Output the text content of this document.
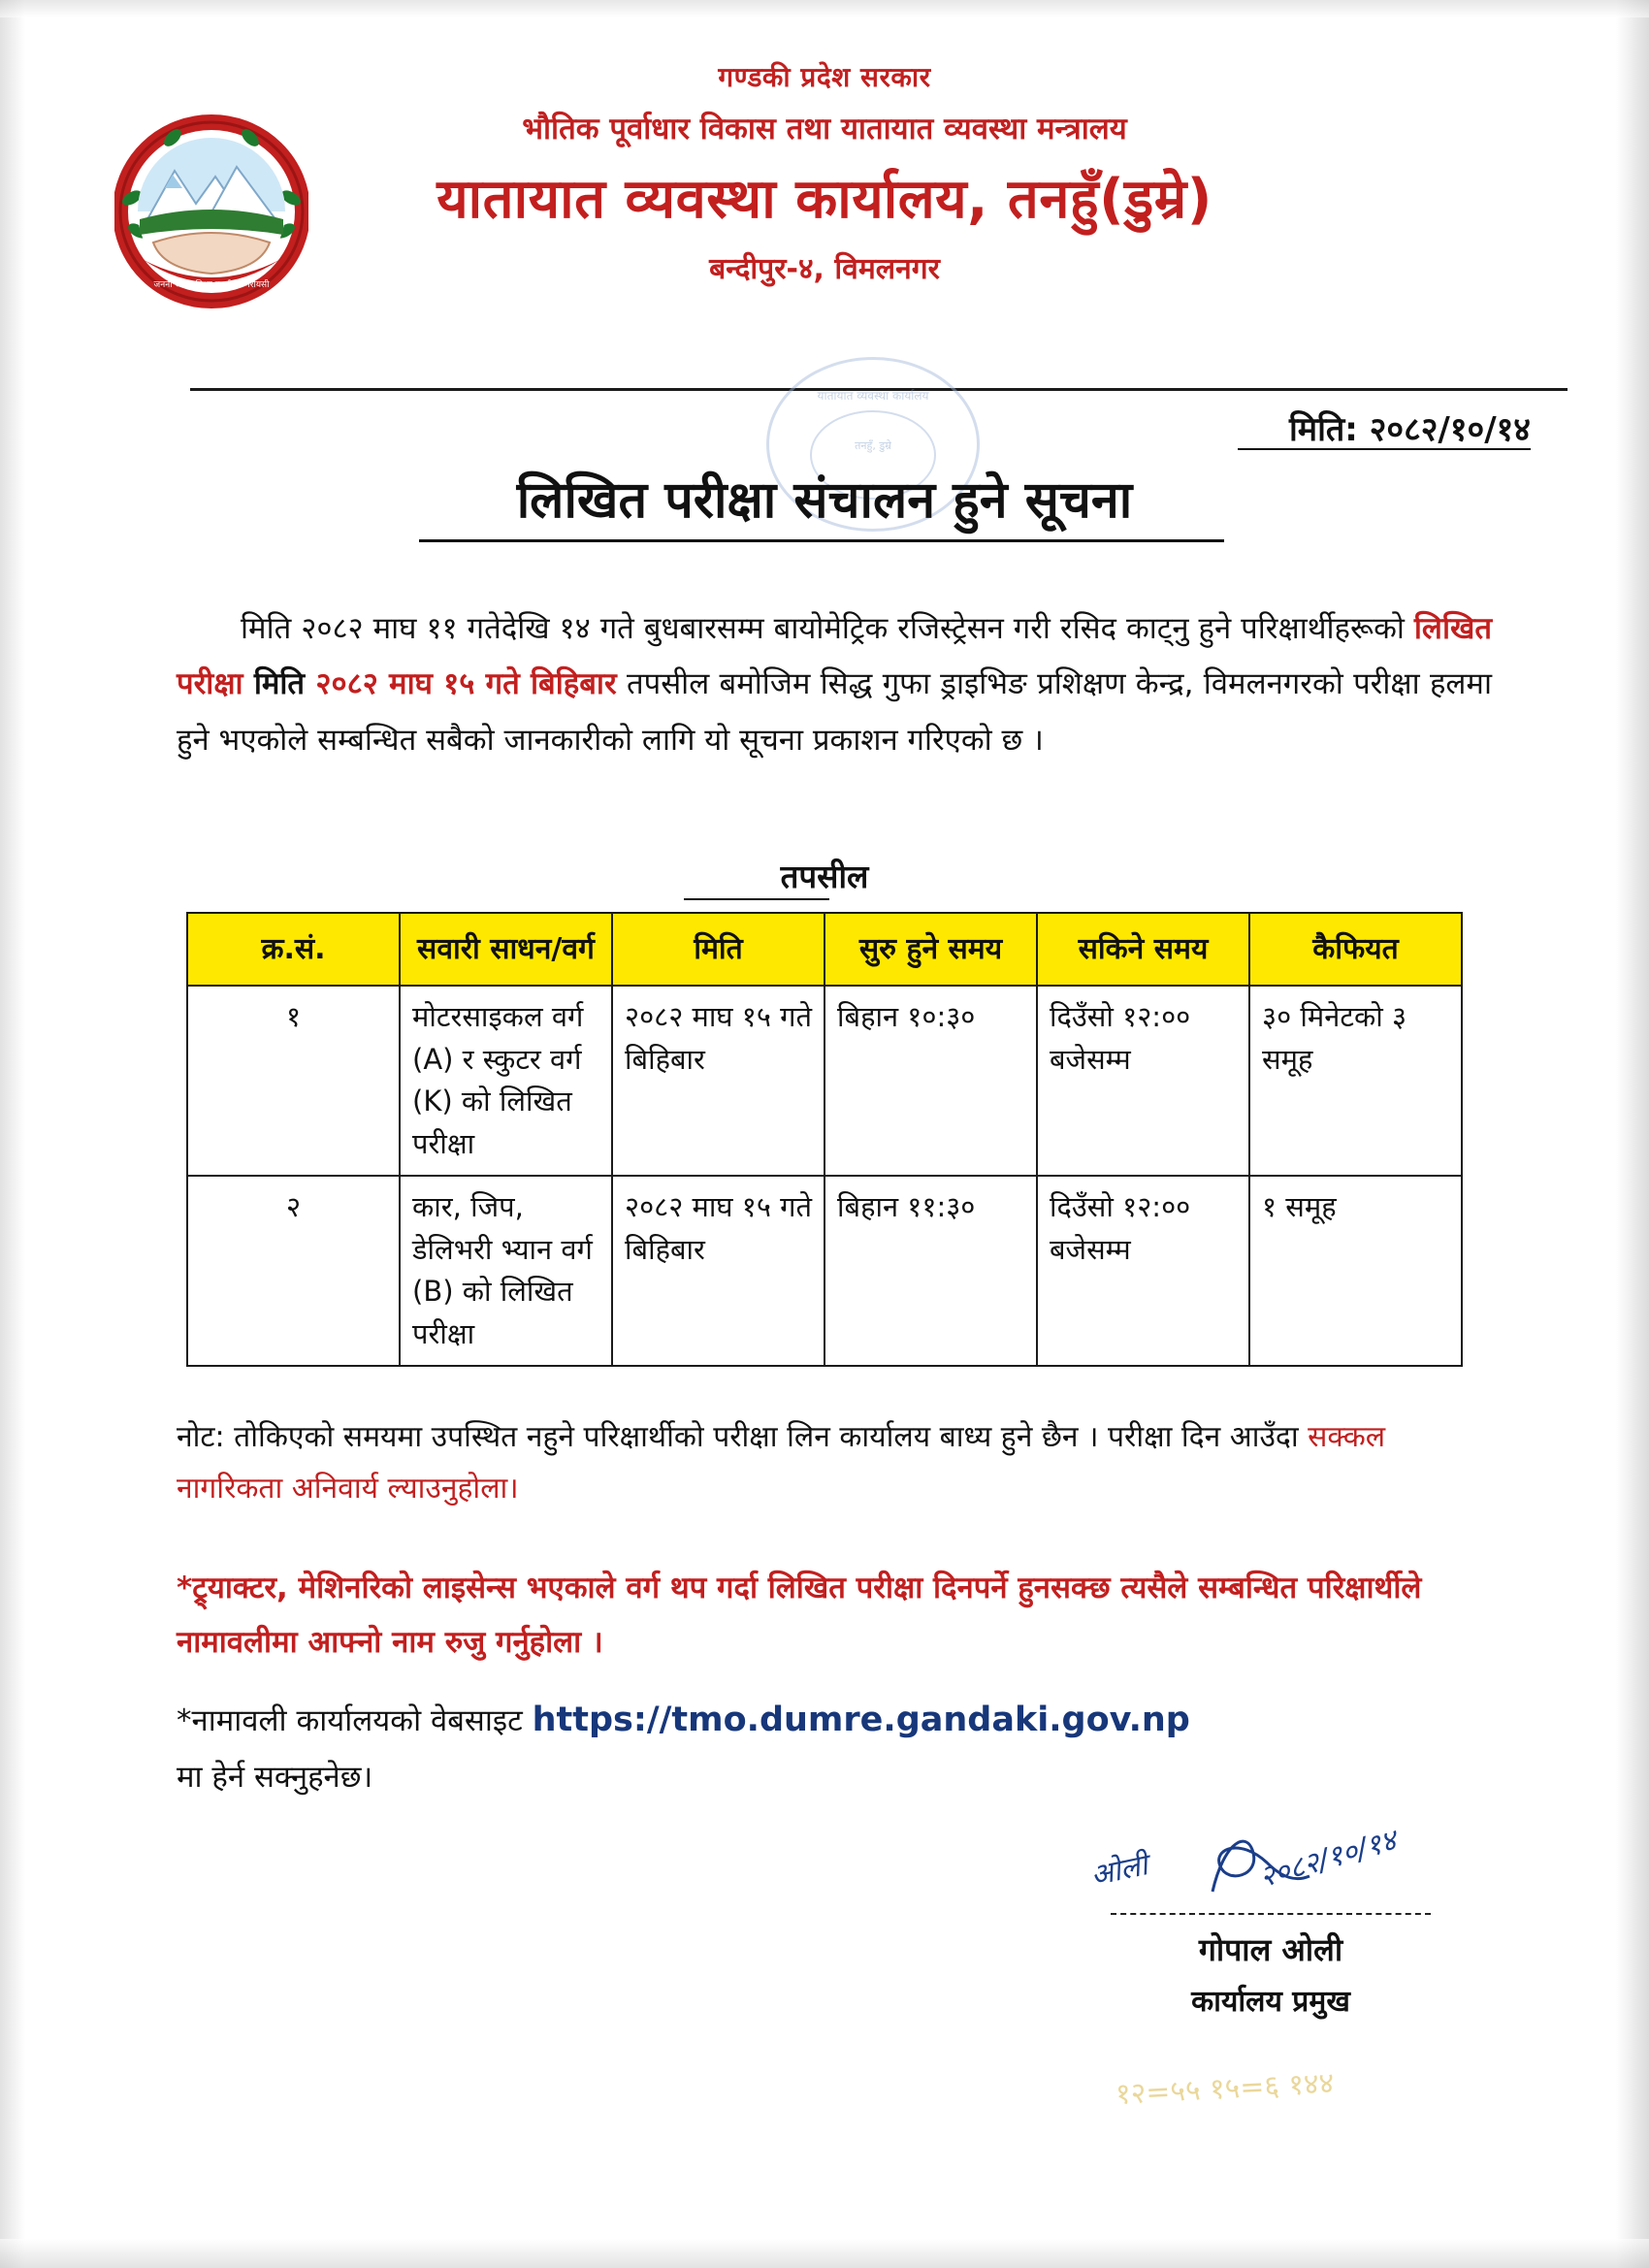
जननी जन्मभूमिश्च स्वर्गादपि गरीयसी
गण्डकी प्रदेश सरकार
भौतिक पूर्वाधार विकास तथा यातायात व्यवस्था मन्त्रालय
यातायात व्यवस्था कार्यालय, तनहुँ(डुम्रे)
बन्दीपुर-४, विमलनगर
यातायात व्यवस्था कार्यालय
तनहुँ, डुम्रे	मिति: २०८२/१०/१४
लिखित परीक्षा संचालन हुने सूचना
मिति २०८२ माघ ११ गतेदेखि १४ गते बुधबारसम्म बायोमेट्रिक रजिस्ट्रेसन गरी रसिद काट्नु हुने परिक्षार्थीहरूको लिखित परीक्षा मिति २०८२ माघ १५ गते बिहिबार तपसील बमोजिम सिद्ध गुफा ड्राइभिङ प्रशिक्षण केन्द्र, विमलनगरको परीक्षा हलमा हुने भएकोले सम्बन्धित सबैको जानकारीको लागि यो सूचना प्रकाशन गरिएको छ ।
तपसील
क्र.सं.	सवारी साधन/वर्ग	मिति	सुरु हुने समय	सकिने समय	कैफियत
१	मोटरसाइकल वर्ग (A) र स्कुटर वर्ग (K) को लिखित परीक्षा	२०८२ माघ १५ गते बिहिबार	बिहान १०:३०	दिउँसो १२:०० बजेसम्म	३० मिनेटको ३ समूह
२	कार, जिप, डेलिभरी भ्यान वर्ग (B) को लिखित परीक्षा	२०८२ माघ १५ गते बिहिबार	बिहान ११:३०	दिउँसो १२:०० बजेसम्म	१ समूह
नोट: तोकिएको समयमा उपस्थित नहुने परिक्षार्थीको परीक्षा लिन कार्यालय बाध्य हुने छैन । परीक्षा दिन आउँदा सक्कल नागरिकता अनिवार्य ल्याउनुहोला।
*ट्र्याक्टर, मेशिनरिको लाइसेन्स भएकाले वर्ग थप गर्दा लिखित परीक्षा दिनपर्ने हुनसक्छ त्यसैले सम्बन्धित परिक्षार्थीले नामावलीमा आफ्नो नाम रुजु गर्नुहोला ।
*नामावली कार्यालयको वेबसाइट https://tmo.dumre.gandaki.gov.np
मा हेर्न सक्नुहनेछ।
ओली	२०८२/१०/१४
गोपाल ओली
कार्यालय प्रमुख
१२=५५ १५=६ १४४
